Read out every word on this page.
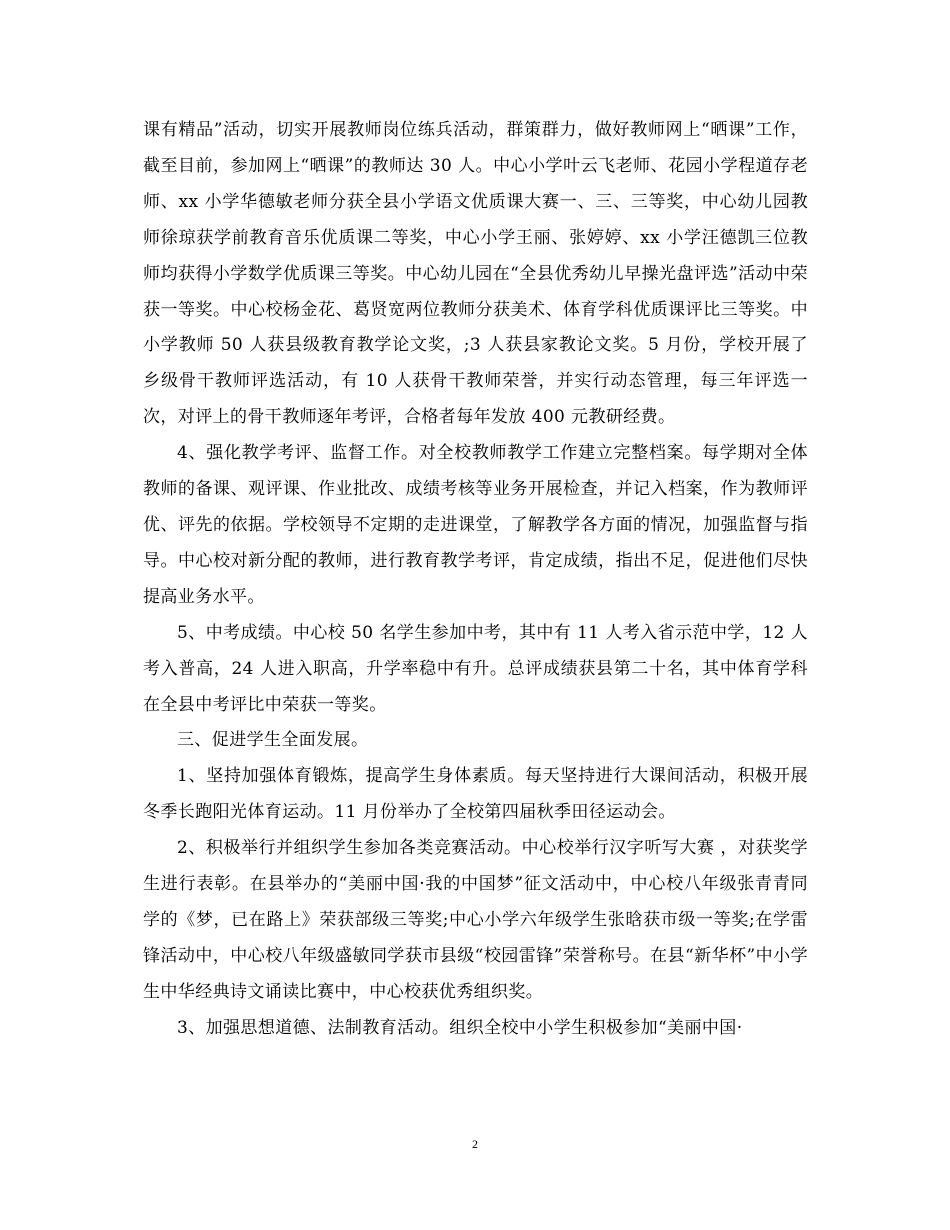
课有精品”活动，切实开展教师岗位练兵活动，群策群力，做好教师网上“晒课”工作，截至目前，参加网上“晒课”的教师达 30 人。中心小学叶云飞老师、花园小学程道存老师、xx 小学华德敏老师分获全县小学语文优质课大赛一、三、三等奖，中心幼儿园教师徐琼获学前教育音乐优质课二等奖，中心小学王丽、张婷婷、xx 小学汪德凯三位教师均获得小学数学优质课三等奖。中心幼儿园在“全县优秀幼儿早操光盘评选”活动中荣获一等奖。中心校杨金花、葛贤宽两位教师分获美术、体育学科优质课评比三等奖。中小学教师 50 人获县级教育教学论文奖，;3 人获县家教论文奖。5 月份，学校开展了乡级骨干教师评选活动，有 10 人获骨干教师荣誉，并实行动态管理，每三年评选一次，对评上的骨干教师逐年考评，合格者每年发放 400 元教研经费。

4、强化教学考评、监督工作。对全校教师教学工作建立完整档案。每学期对全体教师的备课、观评课、作业批改、成绩考核等业务开展检查，并记入档案，作为教师评优、评先的依据。学校领导不定期的走进课堂，了解教学各方面的情况，加强监督与指导。中心校对新分配的教师，进行教育教学考评，肯定成绩，指出不足，促进他们尽快提高业务水平。

5、中考成绩。中心校 50 名学生参加中考，其中有 11 人考入省示范中学，12 人考入普高，24 人进入职高，升学率稳中有升。总评成绩获县第二十名，其中体育学科在全县中考评比中荣获一等奖。

三、促进学生全面发展。

1、坚持加强体育锻炼，提高学生身体素质。每天坚持进行大课间活动，积极开展冬季长跑阳光体育运动。11 月份举办了全校第四届秋季田径运动会。

2、积极举行并组织学生参加各类竞赛活动。中心校举行汉字听写大赛 ，对获奖学生进行表彰。在县举办的“美丽中国·我的中国梦”征文活动中，中心校八年级张青青同学的《梦，已在路上》荣获部级三等奖;中心小学六年级学生张晗获市级一等奖;在学雷锋活动中，中心校八年级盛敏同学获市县级“校园雷锋”荣誉称号。在县“新华杯”中小学生中华经典诗文诵读比赛中，中心校获优秀组织奖。

3、加强思想道德、法制教育活动。组织全校中小学生积极参加“美丽中国·

2
